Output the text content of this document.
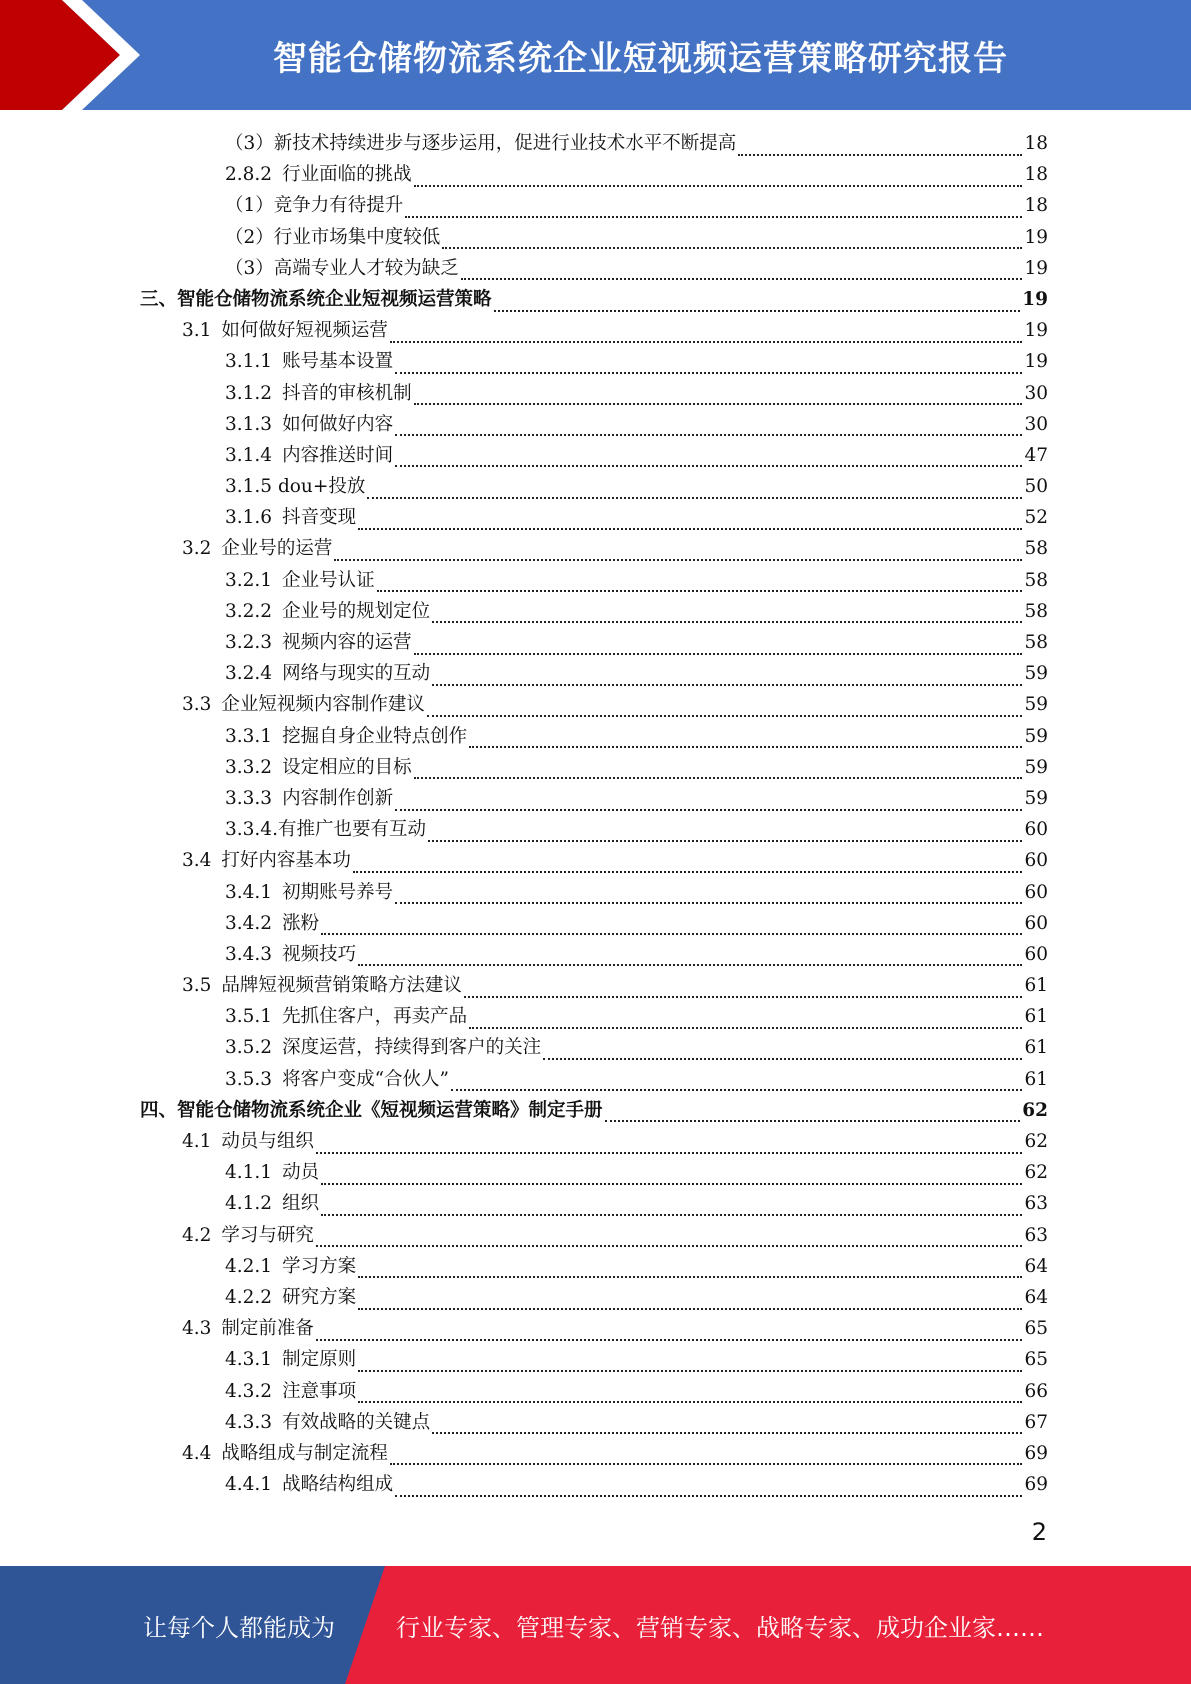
智能仓储物流系统企业短视频运营策略研究报告
（3）新技术持续进步与逐步运用，促进行业技术水平不断提高	18
2.8.2 行业面临的挑战	18
（1）竞争力有待提升	18
（2）行业市场集中度较低	19
（3）高端专业人才较为缺乏	19
三、智能仓储物流系统企业短视频运营策略	19
3.1 如何做好短视频运营	19
3.1.1 账号基本设置	19
3.1.2 抖音的审核机制	30
3.1.3 如何做好内容	30
3.1.4 内容推送时间	47
3.1.5 dou+投放	50
3.1.6 抖音变现	52
3.2 企业号的运营	58
3.2.1 企业号认证	58
3.2.2 企业号的规划定位	58
3.2.3 视频内容的运营	58
3.2.4 网络与现实的互动	59
3.3 企业短视频内容制作建议	59
3.3.1 挖掘自身企业特点创作	59
3.3.2 设定相应的目标	59
3.3.3 内容制作创新	59
3.3.4.有推广也要有互动	60
3.4 打好内容基本功	60
3.4.1 初期账号养号	60
3.4.2 涨粉	60
3.4.3 视频技巧	60
3.5 品牌短视频营销策略方法建议	61
3.5.1 先抓住客户，再卖产品	61
3.5.2 深度运营，持续得到客户的关注	61
3.5.3 将客户变成“合伙人”	61
四、智能仓储物流系统企业《短视频运营策略》制定手册	62
4.1 动员与组织	62
4.1.1 动员	62
4.1.2 组织	63
4.2 学习与研究	63
4.2.1 学习方案	64
4.2.2 研究方案	64
4.3 制定前准备	65
4.3.1 制定原则	65
4.3.2 注意事项	66
4.3.3 有效战略的关键点	67
4.4 战略组成与制定流程	69
4.4.1 战略结构组成	69
2
让每个人都能成为	行业专家、管理专家、营销专家、战略专家、成功企业家……
